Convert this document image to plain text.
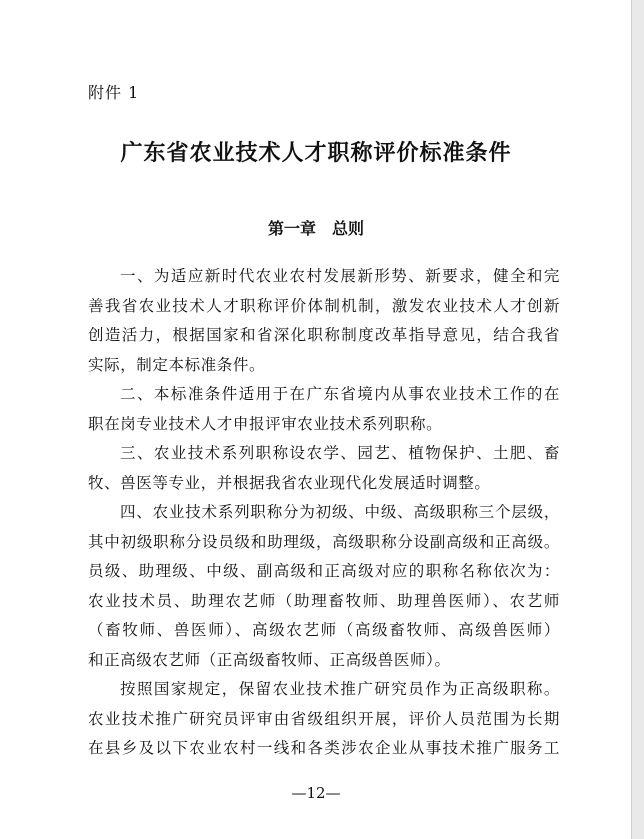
附件 1
广东省农业技术人才职称评价标准条件
第一章　总则
一、为适应新时代农业农村发展新形势、新要求，健全和完
善我省农业技术人才职称评价体制机制，激发农业技术人才创新
创造活力，根据国家和省深化职称制度改革指导意见，结合我省
实际，制定本标准条件。
二、本标准条件适用于在广东省境内从事农业技术工作的在
职在岗专业技术人才申报评审农业技术系列职称。
三、农业技术系列职称设农学、园艺、植物保护、土肥、畜
牧、兽医等专业，并根据我省农业现代化发展适时调整。
四、农业技术系列职称分为初级、中级、高级职称三个层级，
其中初级职称分设员级和助理级，高级职称分设副高级和正高级。
员级、助理级、中级、副高级和正高级对应的职称名称依次为：
农业技术员、助理农艺师（助理畜牧师、助理兽医师）、农艺师
（畜牧师、兽医师）、高级农艺师（高级畜牧师、高级兽医师）
和正高级农艺师（正高级畜牧师、正高级兽医师）。
按照国家规定，保留农业技术推广研究员作为正高级职称。
农业技术推广研究员评审由省级组织开展，评价人员范围为长期
在县乡及以下农业农村一线和各类涉农企业从事技术推广服务工
—12—
